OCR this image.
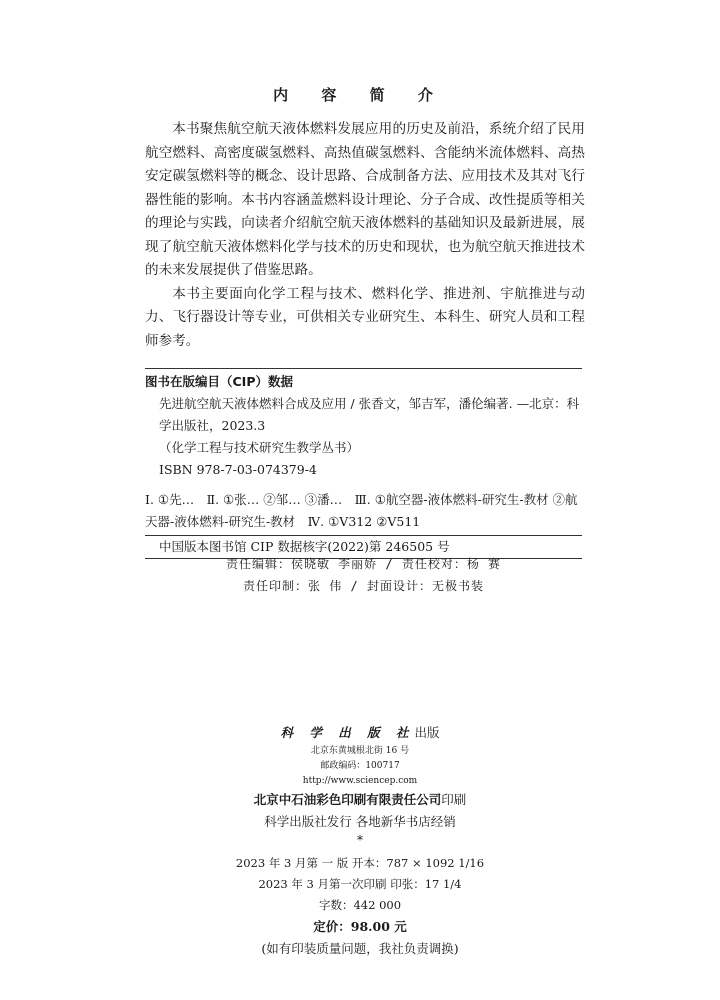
内 容 简 介

本书聚焦航空航天液体燃料发展应用的历史及前沿，系统介绍了民用航空燃料、高密度碳氢燃料、高热值碳氢燃料、含能纳米流体燃料、高热安定碳氢燃料等的概念、设计思路、合成制备方法、应用技术及其对飞行器性能的影响。本书内容涵盖燃料设计理论、分子合成、改性提质等相关的理论与实践，向读者介绍航空航天液体燃料的基础知识及最新进展，展现了航空航天液体燃料化学与技术的历史和现状，也为航空航天推进技术的未来发展提供了借鉴思路。

本书主要面向化学工程与技术、燃料化学、推进剂、宇航推进与动力、飞行器设计等专业，可供相关专业研究生、本科生、研究人员和工程师参考。

图书在版编目（CIP）数据
先进航空航天液体燃料合成及应用 / 张香文，邹吉军，潘伦编著. —北京：科学出版社，2023.3
（化学工程与技术研究生教学丛书）
ISBN 978-7-03-074379-4
Ⅰ. ①先…　Ⅱ. ①张… ②邹… ③潘…　Ⅲ. ①航空器-液体燃料-研究生-教材 ②航天器-液体燃料-研究生-教材　Ⅳ. ①V312 ②V511
中国版本图书馆 CIP 数据核字(2022)第 246505 号
责任编辑：侯晓敏 李丽娇 / 责任校对：杨 赛
责任印制：张 伟 / 封面设计：无极书装
科 学 出 版 社出版
北京东黄城根北街 16 号
邮政编码：100717
http://www.sciencep.com
北京中石油彩色印刷有限责任公司印刷
科学出版社发行 各地新华书店经销
*
2023 年 3 月第 一 版 开本：787 × 1092 1/16
2023 年 3 月第一次印刷 印张：17 1/4
字数：442 000
定价：98.00 元
(如有印装质量问题，我社负责调换)
